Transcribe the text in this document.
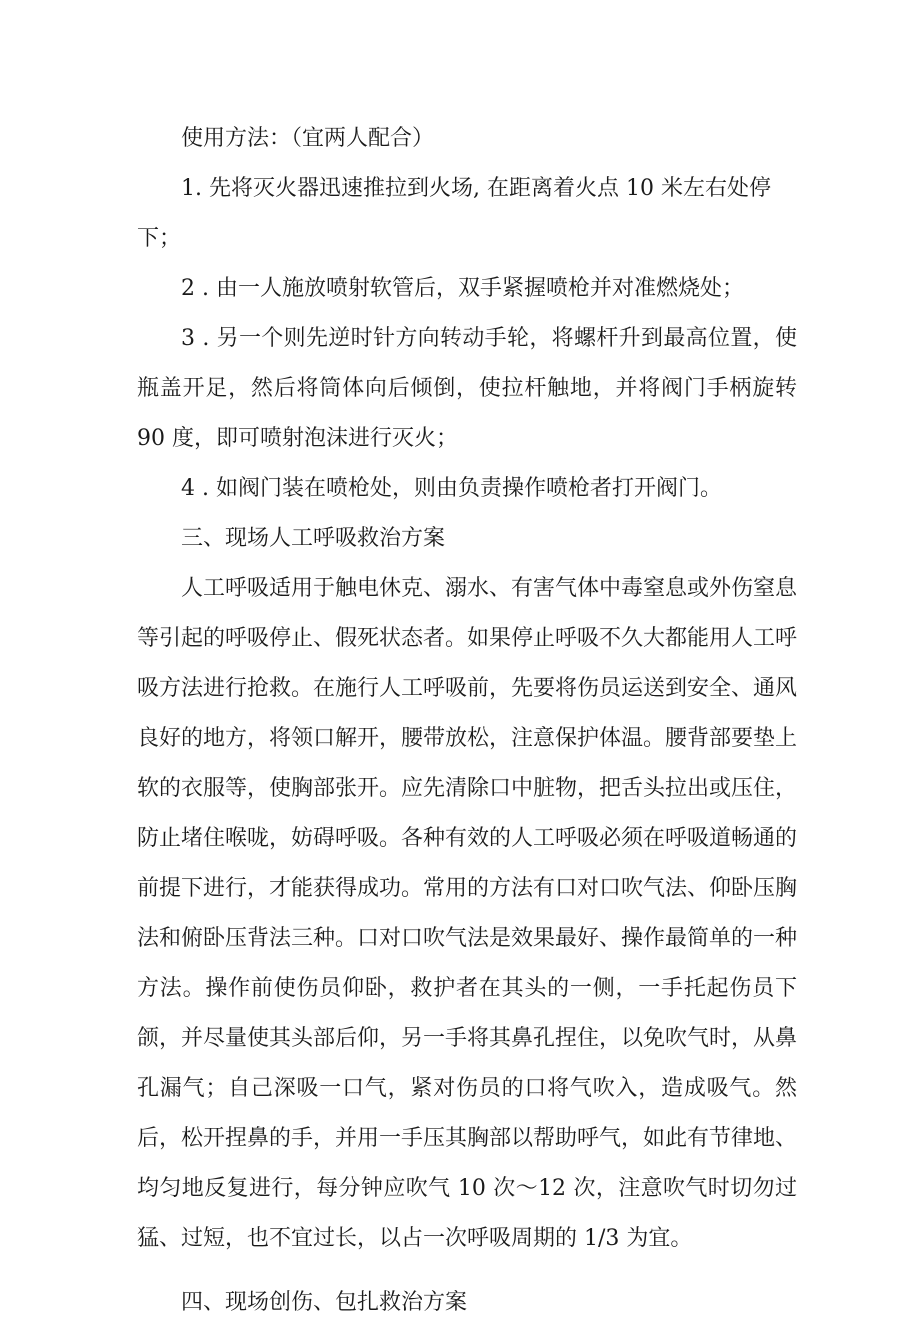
使用方法：（宜两人配合）

1. 先将灭火器迅速推拉到火场, 在距离着火点 10 米左右处停下；

2 . 由一人施放喷射软管后，双手紧握喷枪并对准燃烧处；

3 . 另一个则先逆时针方向转动手轮，将螺杆升到最高位置，使瓶盖开足，然后将筒体向后倾倒，使拉杆触地，并将阀门手柄旋转 90 度，即可喷射泡沫进行灭火；

4 . 如阀门装在喷枪处，则由负责操作喷枪者打开阀门。

三、现场人工呼吸救治方案

人工呼吸适用于触电休克、溺水、有害气体中毒窒息或外伤窒息等引起的呼吸停止、假死状态者。如果停止呼吸不久大都能用人工呼吸方法进行抢救。在施行人工呼吸前，先要将伤员运送到安全、通风良好的地方，将领口解开，腰带放松，注意保护体温。腰背部要垫上软的衣服等，使胸部张开。应先清除口中脏物，把舌头拉出或压住，防止堵住喉咙，妨碍呼吸。各种有效的人工呼吸必须在呼吸道畅通的前提下进行，才能获得成功。常用的方法有口对口吹气法、仰卧压胸法和俯卧压背法三种。口对口吹气法是效果最好、操作最简单的一种方法。操作前使伤员仰卧，救护者在其头的一侧，一手托起伤员下颌，并尽量使其头部后仰，另一手将其鼻孔捏住，以免吹气时，从鼻孔漏气；自己深吸一口气，紧对伤员的口将气吹入，造成吸气。然后，松开捏鼻的手，并用一手压其胸部以帮助呼气，如此有节律地、均匀地反复进行，每分钟应吹气 10 次～12 次，注意吹气时切勿过猛、过短，也不宜过长，以占一次呼吸周期的 1/3 为宜。

四、现场创伤、包扎救治方案
